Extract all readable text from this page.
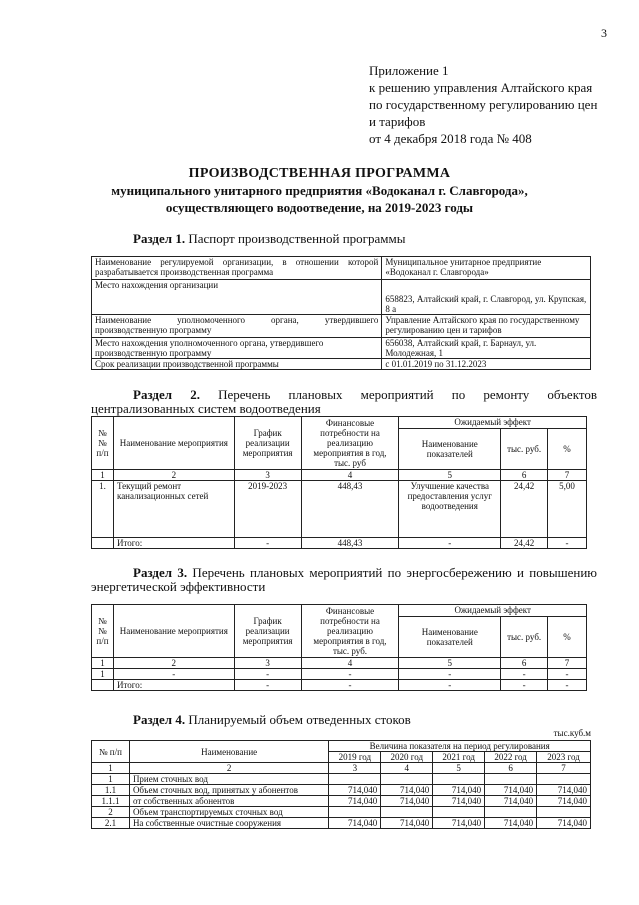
3
Приложение 1
к решению управления Алтайского края
по государственному регулированию цен
и тарифов
от 4 декабря 2018 года № 408
ПРОИЗВОДСТВЕННАЯ ПРОГРАММА
муниципального унитарного предприятия «Водоканал г. Славгорода»,
осуществляющего водоотведение, на 2019-2023 годы
Раздел 1. Паспорт производственной программы
Наименование регулируемой организации, в отношении которой разрабатывается производственная программа	Муниципальное унитарное предприятие «Водоканал г. Славгорода»
Место нахождения организации	658823, Алтайский край, г. Славгород, ул. Крупская, 8 а
Наименование уполномоченного органа, утвердившего производственную программу	Управление Алтайского края по государственному регулированию цен и тарифов
Место нахождения уполномоченного органа, утвердившего производственную программу	656038, Алтайский край, г. Барнаул, ул. Молодежная, 1
Срок реализации производственной программы	с 01.01.2019 по 31.12.2023
Раздел 2. Перечень плановых мероприятий по ремонту объектов централизованных систем водоотведения
№№ п/п	Наименование мероприятия	График реализации мероприятия	Финансовые потребности на реализацию мероприятия в год, тыс. руб	Ожидаемый эффект		
				Наименование показателей	тыс. руб.	%
1	2	3	4	5	6	7
1.	Текущий ремонт канализационных сетей	2019-2023	448,43	Улучшение качества предоставления услуг водоотведения	24,42	5,00
	Итого:	-	448,43	-	24,42	-
Раздел 3. Перечень плановых мероприятий по энергосбережению и повышению энергетической эффективности
№№ п/п	Наименование мероприятия	График реализации мероприятия	Финансовые потребности на реализацию мероприятия в год, тыс. руб.	Ожидаемый эффект		
				Наименование показателей	тыс. руб.	%
1	2	3	4	5	6	7
1	-	-	-	-	-	-
	Итого:	-	-	-	-	-
Раздел 4. Планируемый объем отведенных стоков
тыс.куб.м
№ п/п	Наименование	Величина показателя на период регулирования				
		2019 год	2020 год	2021 год	2022 год	2023 год
1	2	3	4	5	6	7
1	Прием сточных вод					
1.1	Объем сточных вод, принятых у абонентов	714,040	714,040	714,040	714,040	714,040
1.1.1	от собственных абонентов	714,040	714,040	714,040	714,040	714,040
2	Объем транспортируемых сточных вод					
2.1	На собственные очистные сооружения	714,040	714,040	714,040	714,040	714,040
